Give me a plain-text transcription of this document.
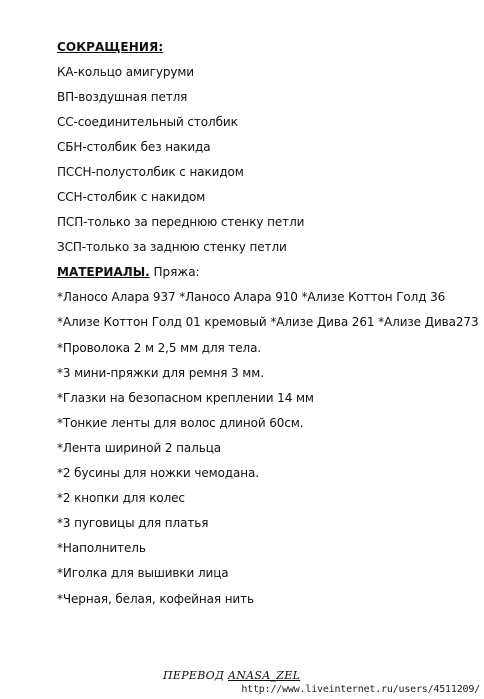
СОКРАЩЕНИЯ:
КА-кольцо амигуруми
ВП-воздушная петля
СС-соединительный столбик
СБН-столбик без накида
ПССН-полустолбик с накидом
ССН-столбик с накидом
ПСП-только за переднюю стенку петли
ЗСП-только за заднюю стенку петли
МАТЕРИАЛЫ. Пряжа:
*Ланосо Алара 937 *Ланосо Алара 910 *Ализе Коттон Голд 36
*Ализе Коттон Голд 01 кремовый *Ализе Дива 261 *Ализе Дива273
*Проволока 2 м 2,5 мм для тела.
*3 мини-пряжки для ремня 3 мм.
*Глазки на безопасном креплении 14 мм
*Тонкие ленты для волос длиной 60см.
*Лента шириной 2 пальца
*2 бусины для ножки чемодана.
*2 кнопки для колес
*3 пуговицы для платья
*Наполнитель
*Иголка для вышивки лица
*Черная, белая, кофейная нить
ПЕРЕВОД ANASA_ZEL
http://www.liveinternet.ru/users/4511209/
